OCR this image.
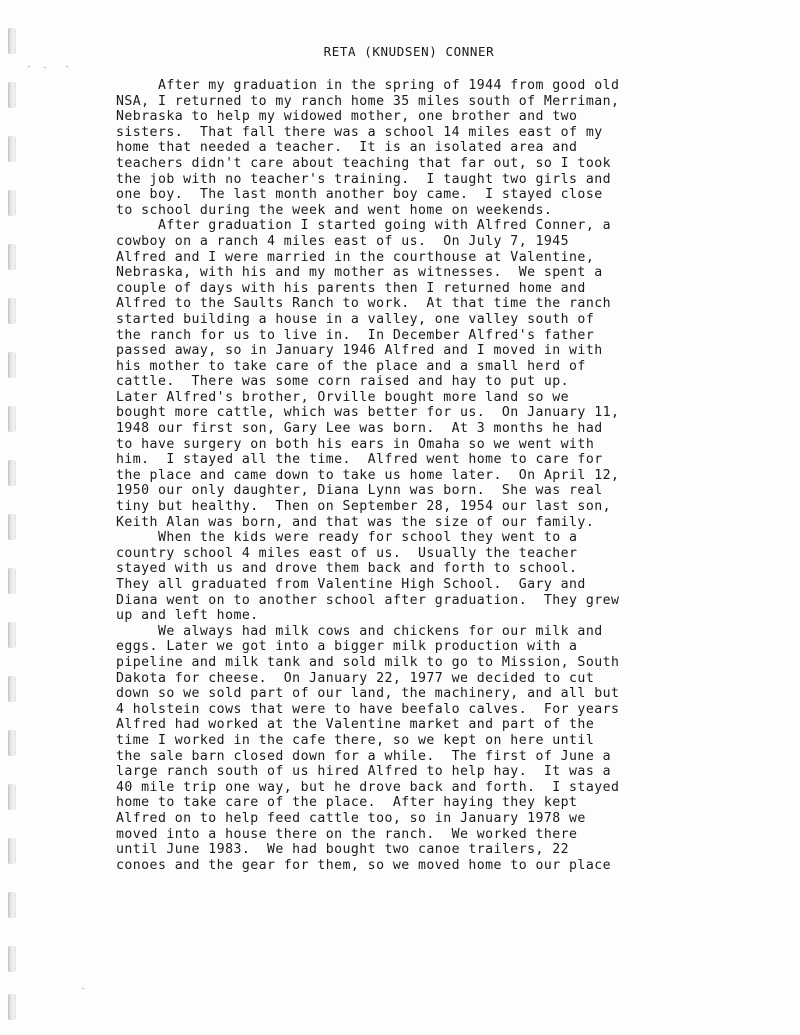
RETA (KNUDSEN) CONNER
After my graduation in the spring of 1944 from good old
NSA, I returned to my ranch home 35 miles south of Merriman,
Nebraska to help my widowed mother, one brother and two
sisters.  That fall there was a school 14 miles east of my
home that needed a teacher.  It is an isolated area and
teachers didn't care about teaching that far out, so I took
the job with no teacher's training.  I taught two girls and
one boy.  The last month another boy came.  I stayed close
to school during the week and went home on weekends.
After graduation I started going with Alfred Conner, a
cowboy on a ranch 4 miles east of us.  On July 7, 1945
Alfred and I were married in the courthouse at Valentine,
Nebraska, with his and my mother as witnesses.  We spent a
couple of days with his parents then I returned home and
Alfred to the Saults Ranch to work.  At that time the ranch
started building a house in a valley, one valley south of
the ranch for us to live in.  In December Alfred's father
passed away, so in January 1946 Alfred and I moved in with
his mother to take care of the place and a small herd of
cattle.  There was some corn raised and hay to put up.
Later Alfred's brother, Orville bought more land so we
bought more cattle, which was better for us.  On January 11,
1948 our first son, Gary Lee was born.  At 3 months he had
to have surgery on both his ears in Omaha so we went with
him.  I stayed all the time.  Alfred went home to care for
the place and came down to take us home later.  On April 12,
1950 our only daughter, Diana Lynn was born.  She was real
tiny but healthy.  Then on September 28, 1954 our last son,
Keith Alan was born, and that was the size of our family.
When the kids were ready for school they went to a
country school 4 miles east of us.  Usually the teacher
stayed with us and drove them back and forth to school.
They all graduated from Valentine High School.  Gary and
Diana went on to another school after graduation.  They grew
up and left home.
We always had milk cows and chickens for our milk and
eggs. Later we got into a bigger milk production with a
pipeline and milk tank and sold milk to go to Mission, South
Dakota for cheese.  On January 22, 1977 we decided to cut
down so we sold part of our land, the machinery, and all but
4 holstein cows that were to have beefalo calves.  For years
Alfred had worked at the Valentine market and part of the
time I worked in the cafe there, so we kept on here until
the sale barn closed down for a while.  The first of June a
large ranch south of us hired Alfred to help hay.  It was a
40 mile trip one way, but he drove back and forth.  I stayed
home to take care of the place.  After haying they kept
Alfred on to help feed cattle too, so in January 1978 we
moved into a house there on the ranch.  We worked there
until June 1983.  We had bought two canoe trailers, 22
conoes and the gear for them, so we moved home to our place
